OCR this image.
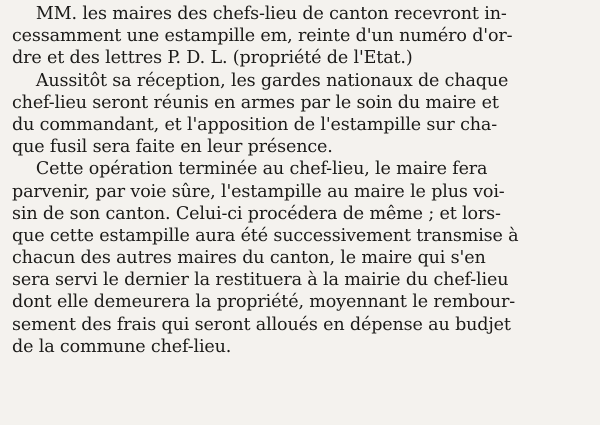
MM. les maires des chefs-lieu de canton recevront in-
cessamment une estampille em, reinte d'un numéro d'or-
dre et des lettres P. D. L. (propriété de l'Etat.)
Aussitôt sa réception, les gardes nationaux de chaque
chef-lieu seront réunis en armes par le soin du maire et
du commandant, et l'apposition de l'estampille sur cha-
que fusil sera faite en leur présence.
Cette opération terminée au chef-lieu, le maire fera
parvenir, par voie sûre, l'estampille au maire le plus voi-
sin de son canton. Celui-ci procédera de même ; et lors-
que cette estampille aura été successivement transmise à
chacun des autres maires du canton, le maire qui s'en
sera servi le dernier la restituera à la mairie du chef-lieu
dont elle demeurera la propriété, moyennant le rembour-
sement des frais qui seront alloués en dépense au budjet
de la commune chef-lieu.
